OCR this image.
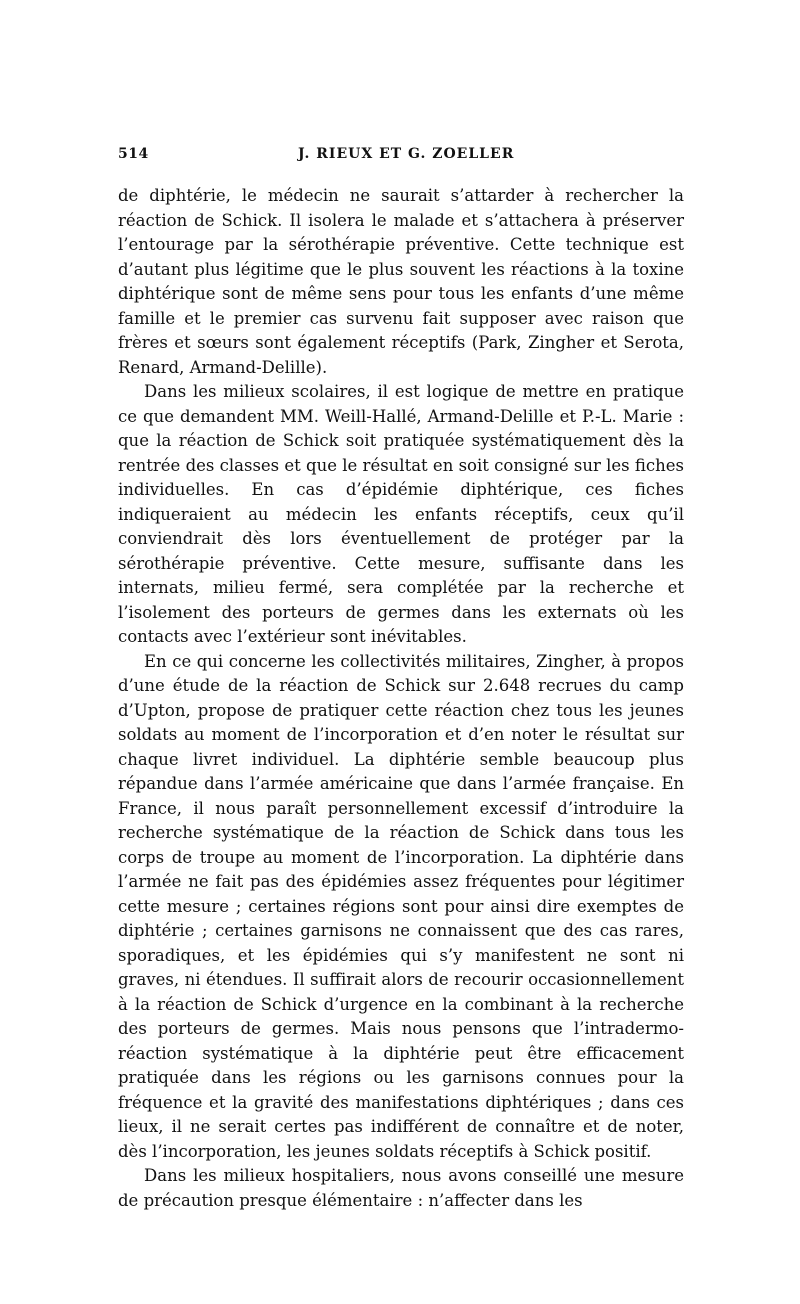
514	J. RIEUX ET G. ZOELLER

de diphtérie, le médecin ne saurait s’attarder à rechercher la réaction de Schick. Il isolera le malade et s’attachera à préserver l’entourage par la sérothérapie préventive. Cette technique est d’autant plus légitime que le plus souvent les réactions à la toxine diphtérique sont de même sens pour tous les enfants d’une même famille et le premier cas survenu fait supposer avec raison que frères et sœurs sont également réceptifs (Park, Zingher et Serota, Renard, Armand-Delille).

Dans les milieux scolaires, il est logique de mettre en pratique ce que demandent MM. Weill-Hallé, Armand-Delille et P.-L. Marie : que la réaction de Schick soit pratiquée systématiquement dès la rentrée des classes et que le résultat en soit consigné sur les fiches individuelles. En cas d’épidémie diphtérique, ces fiches indiqueraient au médecin les enfants réceptifs, ceux qu’il conviendrait dès lors éventuellement de protéger par la sérothérapie préventive. Cette mesure, suffisante dans les internats, milieu fermé, sera complétée par la recherche et l’isolement des porteurs de germes dans les externats où les contacts avec l’extérieur sont inévitables.

En ce qui concerne les collectivités militaires, Zingher, à propos d’une étude de la réaction de Schick sur 2.648 recrues du camp d’Upton, propose de pratiquer cette réaction chez tous les jeunes soldats au moment de l’incorporation et d’en noter le résultat sur chaque livret individuel. La diphtérie semble beaucoup plus répandue dans l’armée américaine que dans l’armée française. En France, il nous paraît personnellement excessif d’introduire la recherche systématique de la réaction de Schick dans tous les corps de troupe au moment de l’incorporation. La diphtérie dans l’armée ne fait pas des épidémies assez fréquentes pour légitimer cette mesure ; certaines régions sont pour ainsi dire exemptes de diphtérie ; certaines garnisons ne connaissent que des cas rares, sporadiques, et les épidémies qui s’y manifestent ne sont ni graves, ni étendues. Il suffirait alors de recourir occasionnellement à la réaction de Schick d’urgence en la combinant à la recherche des porteurs de germes. Mais nous pensons que l’intradermo-réaction systématique à la diphtérie peut être efficacement pratiquée dans les régions ou les garnisons connues pour la fréquence et la gravité des manifestations diphtériques ; dans ces lieux, il ne serait certes pas indifférent de connaître et de noter, dès l’incorporation, les jeunes soldats réceptifs à Schick positif.

Dans les milieux hospitaliers, nous avons conseillé une mesure de précaution presque élémentaire : n’affecter dans les
